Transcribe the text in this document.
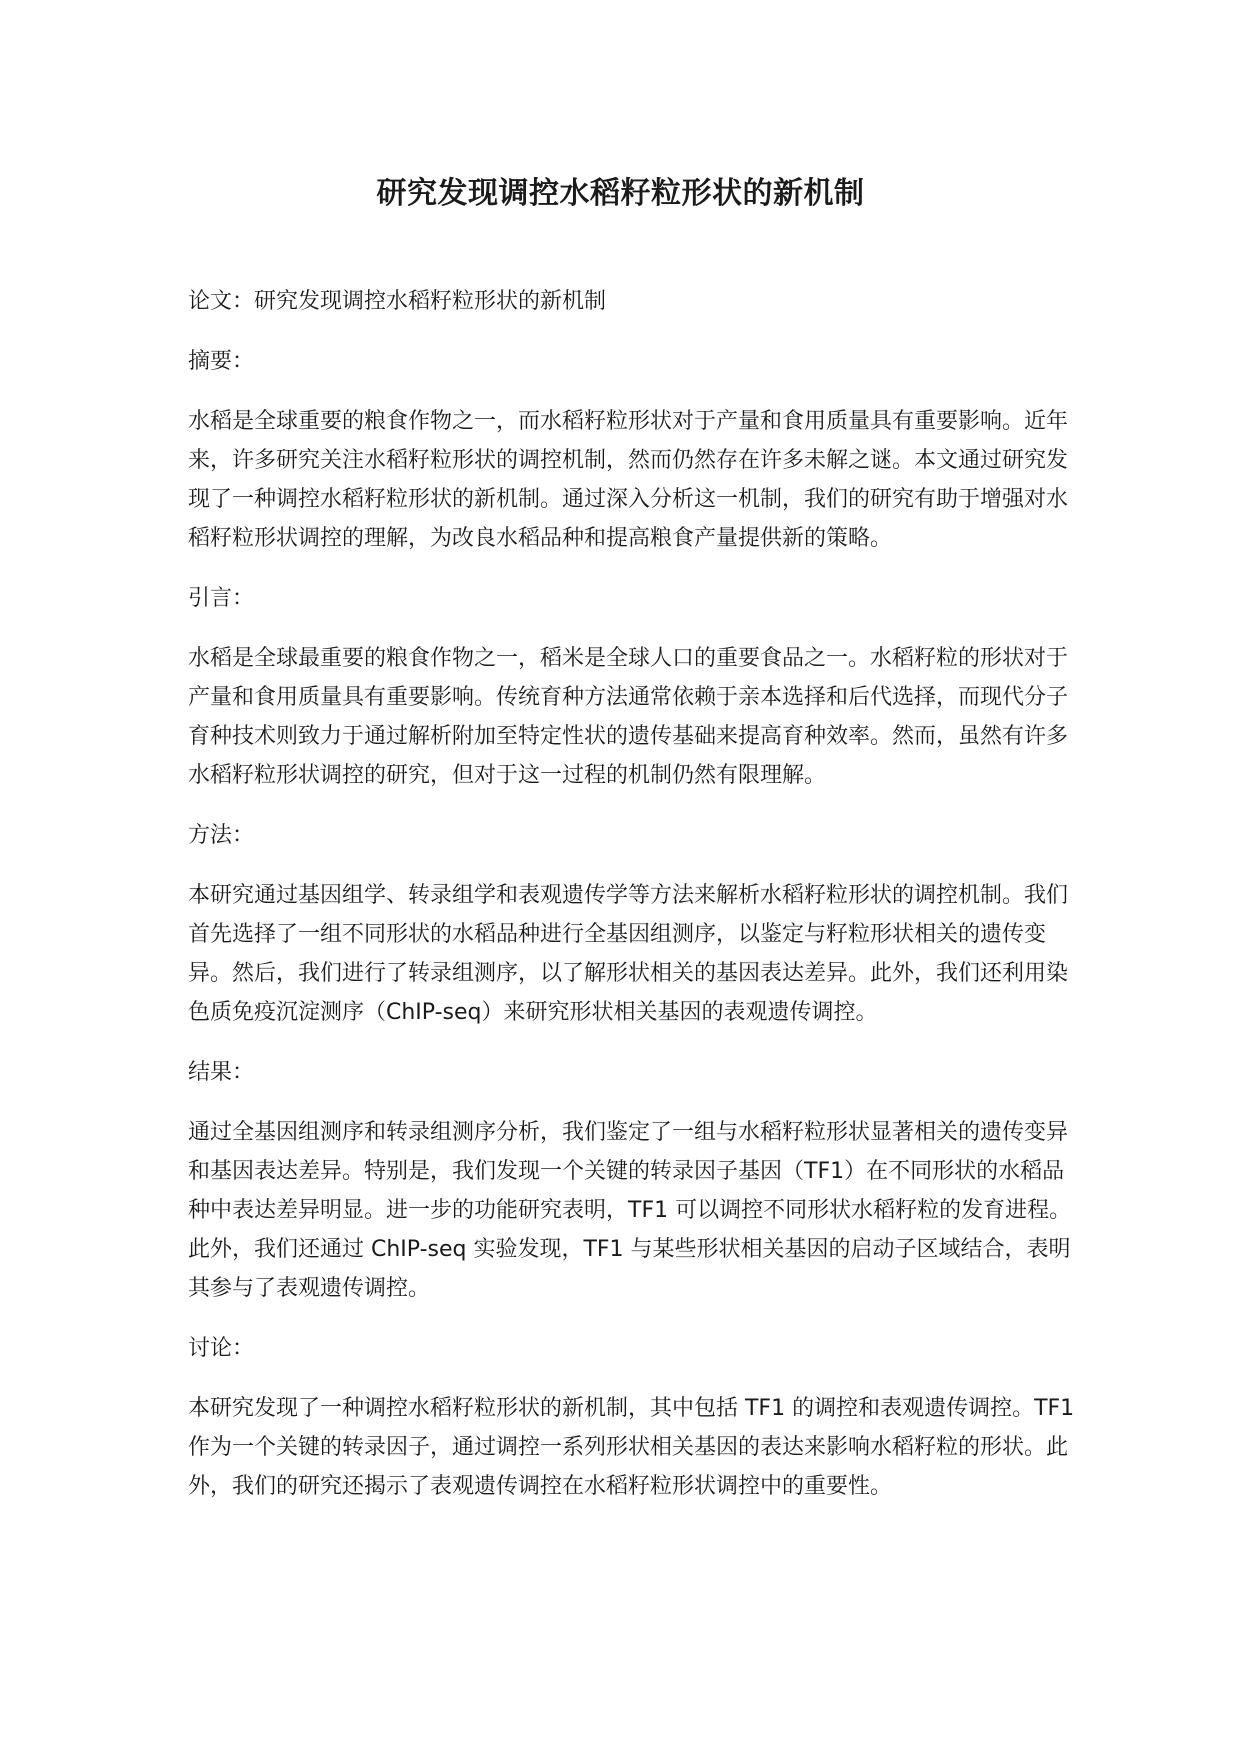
研究发现调控水稻籽粒形状的新机制

论文：研究发现调控水稻籽粒形状的新机制

摘要：

水稻是全球重要的粮食作物之一，而水稻籽粒形状对于产量和食用质量具有重要影响。近年来，许多研究关注水稻籽粒形状的调控机制，然而仍然存在许多未解之谜。本文通过研究发现了一种调控水稻籽粒形状的新机制。通过深入分析这一机制，我们的研究有助于增强对水稻籽粒形状调控的理解，为改良水稻品种和提高粮食产量提供新的策略。

引言：

水稻是全球最重要的粮食作物之一，稻米是全球人口的重要食品之一。水稻籽粒的形状对于产量和食用质量具有重要影响。传统育种方法通常依赖于亲本选择和后代选择，而现代分子育种技术则致力于通过解析附加至特定性状的遗传基础来提高育种效率。然而，虽然有许多水稻籽粒形状调控的研究，但对于这一过程的机制仍然有限理解。

方法：

本研究通过基因组学、转录组学和表观遗传学等方法来解析水稻籽粒形状的调控机制。我们首先选择了一组不同形状的水稻品种进行全基因组测序，以鉴定与籽粒形状相关的遗传变异。然后，我们进行了转录组测序，以了解形状相关的基因表达差异。此外，我们还利用染色质免疫沉淀测序（ChIP-seq）来研究形状相关基因的表观遗传调控。

结果：

通过全基因组测序和转录组测序分析，我们鉴定了一组与水稻籽粒形状显著相关的遗传变异和基因表达差异。特别是，我们发现一个关键的转录因子基因（TF1）在不同形状的水稻品种中表达差异明显。进一步的功能研究表明，TF1 可以调控不同形状水稻籽粒的发育进程。此外，我们还通过 ChIP-seq 实验发现，TF1 与某些形状相关基因的启动子区域结合，表明其参与了表观遗传调控。

讨论：

本研究发现了一种调控水稻籽粒形状的新机制，其中包括 TF1 的调控和表观遗传调控。TF1 作为一个关键的转录因子，通过调控一系列形状相关基因的表达来影响水稻籽粒的形状。此外，我们的研究还揭示了表观遗传调控在水稻籽粒形状调控中的重要性。
